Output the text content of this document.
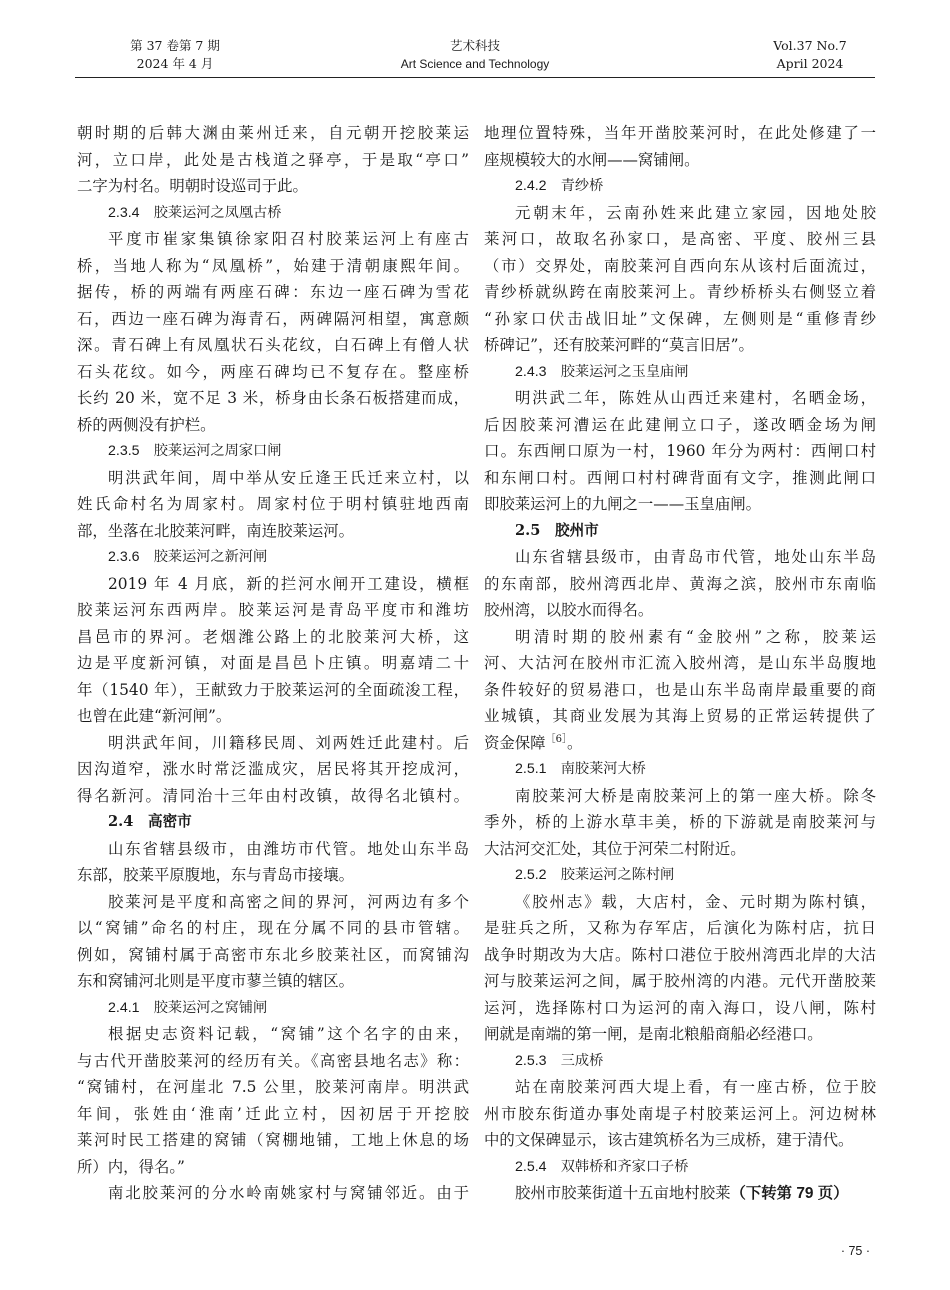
第 37 卷第 7 期
2024 年 4 月
艺术科技
Art Science and Technology
Vol.37 No.7
April 2024
朝时期的后韩大渊由莱州迁来，自元朝开挖胶莱运
河，立口岸，此处是古栈道之驿亭，于是取“亭口”
二字为村名。明朝时设巡司于此。
2.3.4　胶莱运河之凤凰古桥
平度市崔家集镇徐家阳召村胶莱运河上有座古
桥，当地人称为“凤凰桥”，始建于清朝康熙年间。
据传，桥的两端有两座石碑：东边一座石碑为雪花
石，西边一座石碑为海青石，两碑隔河相望，寓意颇
深。青石碑上有凤凰状石头花纹，白石碑上有僧人状
石头花纹。如今，两座石碑均已不复存在。整座桥
长约 20 米，宽不足 3 米，桥身由长条石板搭建而成，
桥的两侧没有护栏。
2.3.5　胶莱运河之周家口闸
明洪武年间，周中举从安丘逄王氏迁来立村，以
姓氏命村名为周家村。周家村位于明村镇驻地西南
部，坐落在北胶莱河畔，南连胶莱运河。
2.3.6　胶莱运河之新河闸
2019 年 4 月底，新的拦河水闸开工建设，横框
胶莱运河东西两岸。胶莱运河是青岛平度市和潍坊
昌邑市的界河。老烟潍公路上的北胶莱河大桥，这
边是平度新河镇，对面是昌邑卜庄镇。明嘉靖二十
年（1540 年），王献致力于胶莱运河的全面疏浚工程，
也曾在此建“新河闸”。
明洪武年间，川籍移民周、刘两姓迁此建村。后
因沟道窄，涨水时常泛滥成灾，居民将其开挖成河，
得名新河。清同治十三年由村改镇，故得名北镇村。
2.4　高密市
山东省辖县级市，由潍坊市代管。地处山东半岛
东部，胶莱平原腹地，东与青岛市接壤。
胶莱河是平度和高密之间的界河，河两边有多个
以“窝铺”命名的村庄，现在分属不同的县市管辖。
例如，窝铺村属于高密市东北乡胶莱社区，而窝铺沟
东和窝铺河北则是平度市蓼兰镇的辖区。
2.4.1　胶莱运河之窝铺闸
根据史志资料记载，“窝铺”这个名字的由来，
与古代开凿胶莱河的经历有关。《高密县地名志》称：
“窝铺村，在河崖北 7.5 公里，胶莱河南岸。明洪武
年间，张姓由‘淮南’迁此立村，因初居于开挖胶
莱河时民工搭建的窝铺（窝棚地铺，工地上休息的场
所）内，得名。”
南北胶莱河的分水岭南姚家村与窝铺邻近。由于
地理位置特殊，当年开凿胶莱河时，在此处修建了一
座规模较大的水闸——窝铺闸。
2.4.2　青纱桥
元朝末年，云南孙姓来此建立家园，因地处胶
莱河口，故取名孙家口，是高密、平度、胶州三县
（市）交界处，南胶莱河自西向东从该村后面流过，
青纱桥就纵跨在南胶莱河上。青纱桥桥头右侧竖立着
“孙家口伏击战旧址”文保碑，左侧则是“重修青纱
桥碑记”，还有胶莱河畔的“莫言旧居”。
2.4.3　胶莱运河之玉皇庙闸
明洪武二年，陈姓从山西迁来建村，名晒金场，
后因胶莱河漕运在此建闸立口子，遂改晒金场为闸
口。东西闸口原为一村，1960 年分为两村：西闸口村
和东闸口村。西闸口村村碑背面有文字，推测此闸口
即胶莱运河上的九闸之一——玉皇庙闸。
2.5　胶州市
山东省辖县级市，由青岛市代管，地处山东半岛
的东南部，胶州湾西北岸、黄海之滨，胶州市东南临
胶州湾，以胶水而得名。
明清时期的胶州素有“金胶州”之称，胶莱运
河、大沽河在胶州市汇流入胶州湾，是山东半岛腹地
条件较好的贸易港口，也是山东半岛南岸最重要的商
业城镇，其商业发展为其海上贸易的正常运转提供了
资金保障$^{[6]}$。
2.5.1　南胶莱河大桥
南胶莱河大桥是南胶莱河上的第一座大桥。除冬
季外，桥的上游水草丰美，桥的下游就是南胶莱河与
大沽河交汇处，其位于河荣二村附近。
2.5.2　胶莱运河之陈村闸
《胶州志》载，大店村，金、元时期为陈村镇，
是驻兵之所，又称为存军店，后演化为陈村店，抗日
战争时期改为大店。陈村口港位于胶州湾西北岸的大沽
河与胶莱运河之间，属于胶州湾的内港。元代开凿胶莱
运河，选择陈村口为运河的南入海口，设八闸，陈村
闸就是南端的第一闸，是南北粮船商船必经港口。
2.5.3　三成桥
站在南胶莱河西大堤上看，有一座古桥，位于胶
州市胶东街道办事处南堤子村胶莱运河上。河边树林
中的文保碑显示，该古建筑桥名为三成桥，建于清代。
2.5.4　双韩桥和齐家口子桥
胶州市胶莱街道十五亩地村胶莱（下转第 79 页）
· 75 ·
